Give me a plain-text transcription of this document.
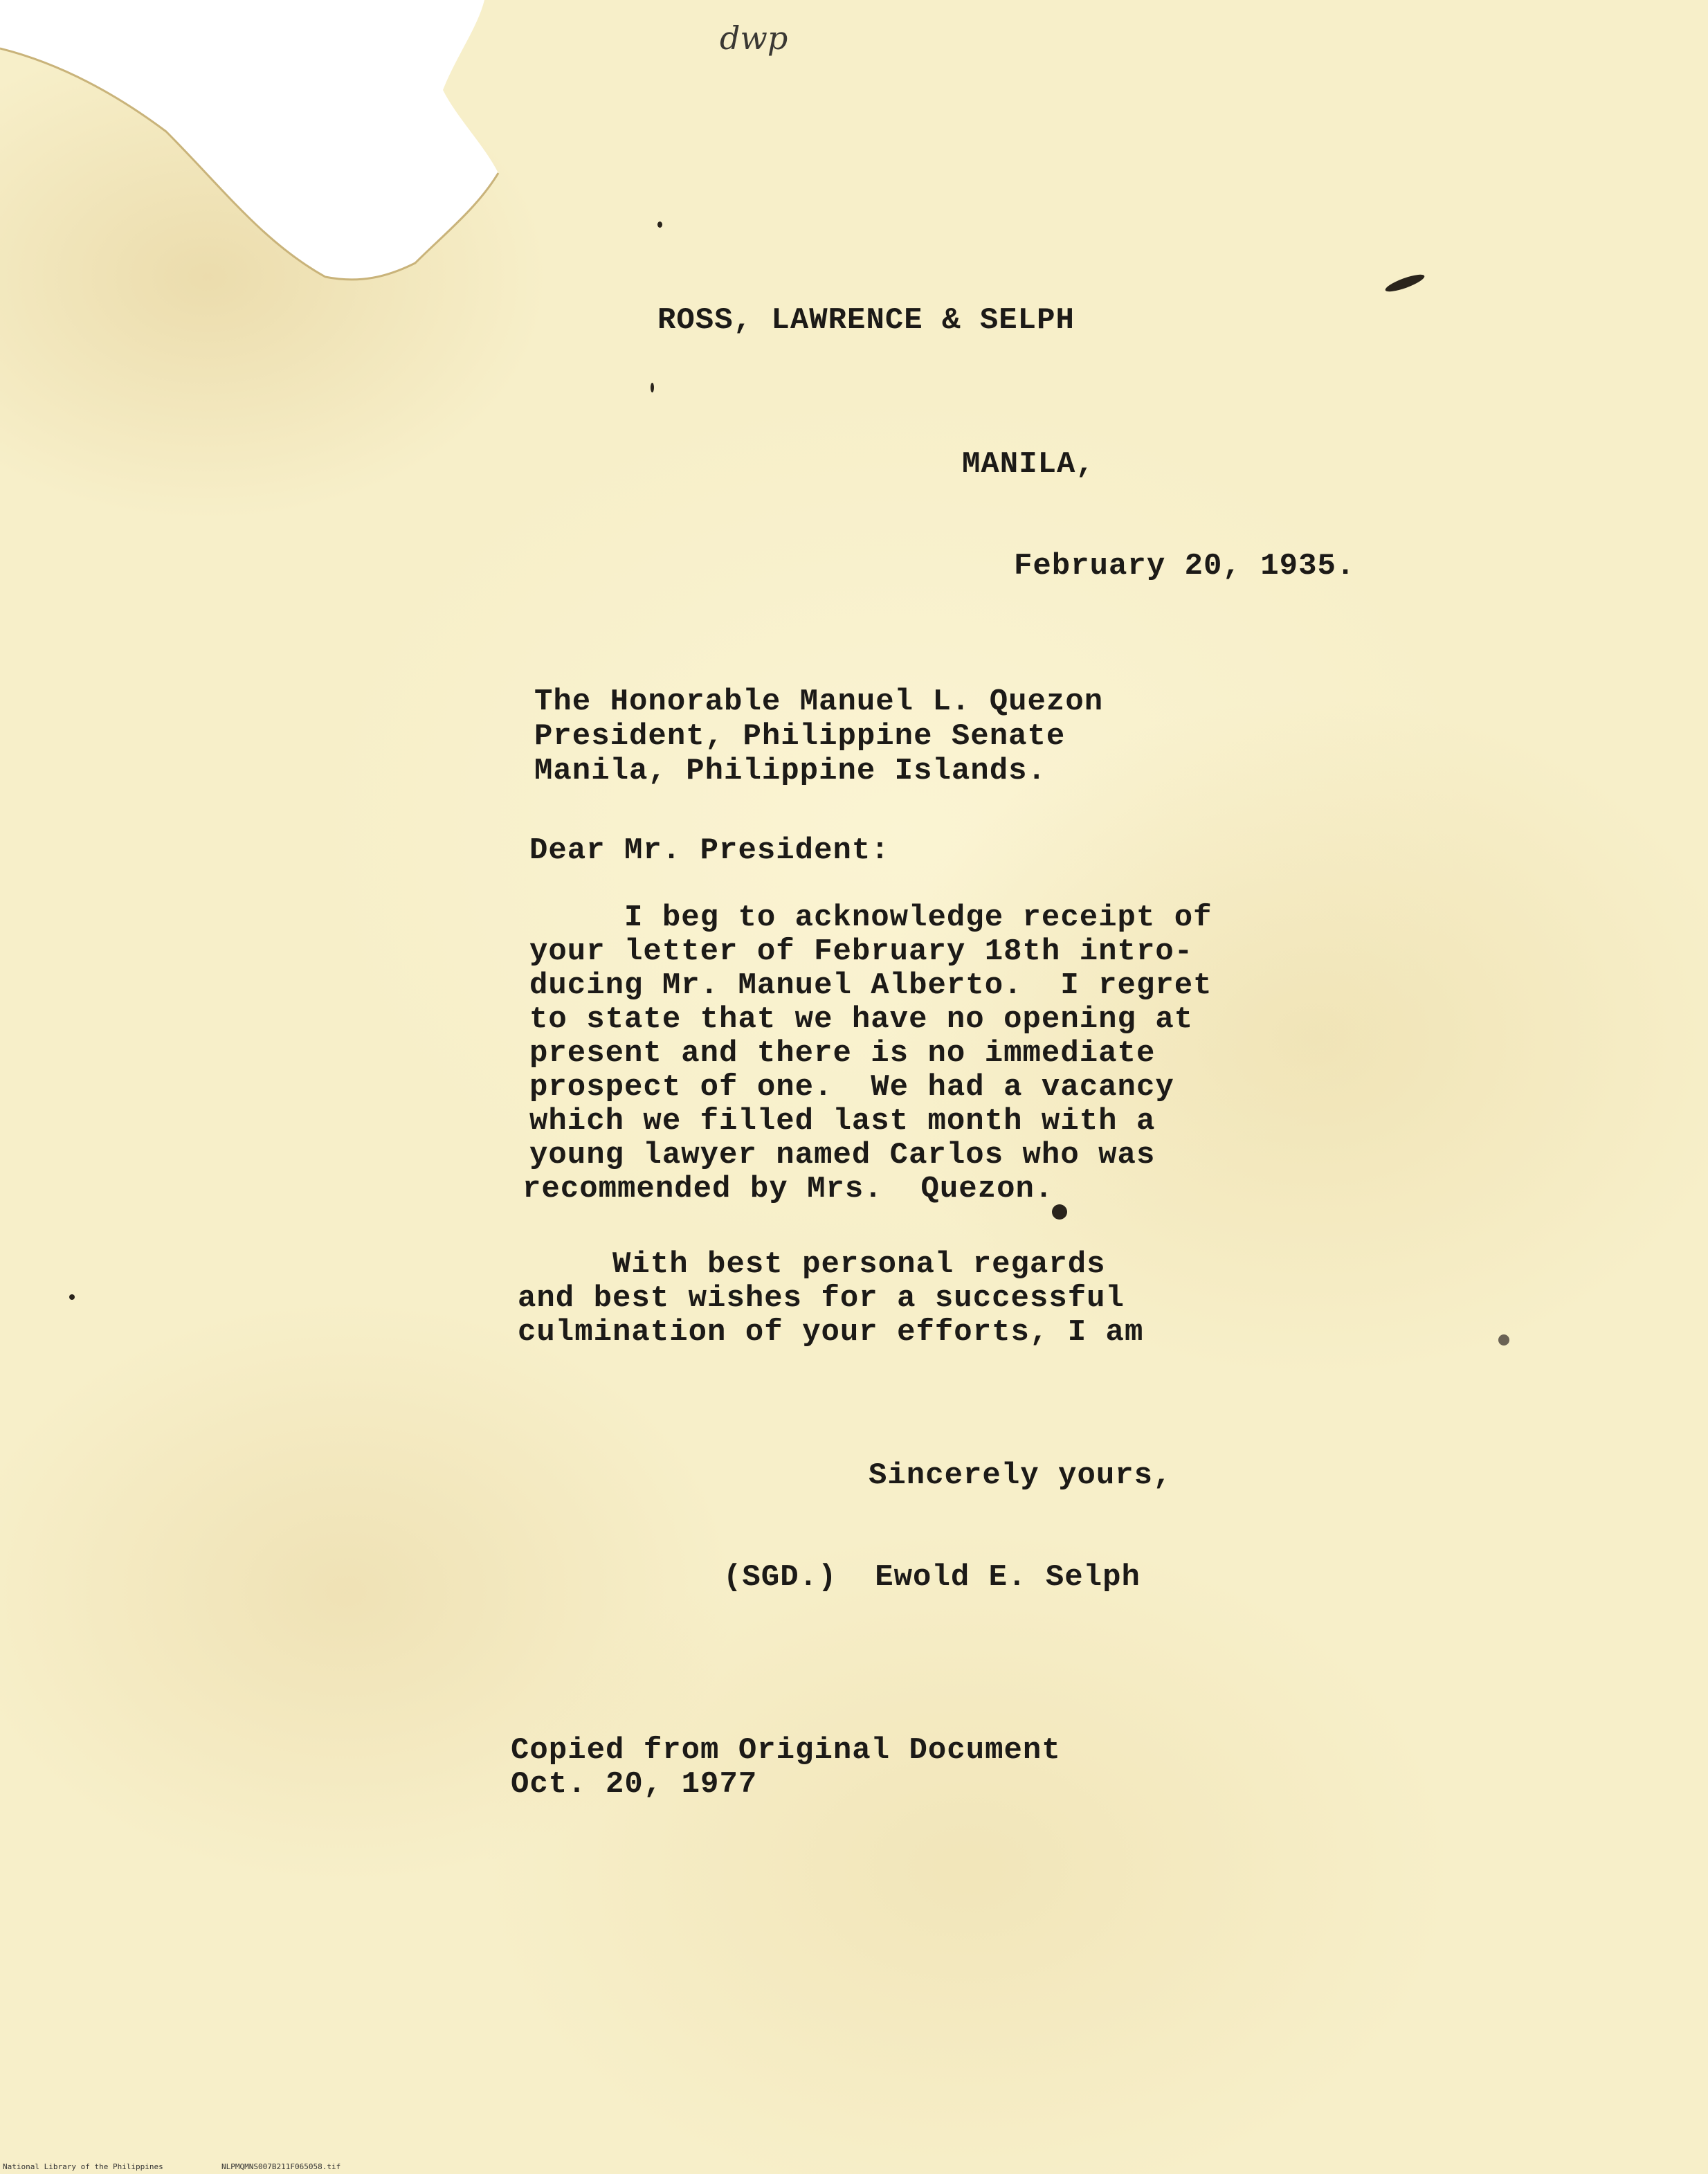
dwp
ROSS, LAWRENCE & SELPH
MANILA,
February 20, 1935.
The Honorable Manuel L. Quezon
President, Philippine Senate
Manila, Philippine Islands.
Dear Mr. President:
I beg to acknowledge receipt of
your letter of February 18th intro-
ducing Mr. Manuel Alberto.  I regret
to state that we have no opening at
present and there is no immediate
prospect of one.  We had a vacancy
which we filled last month with a
young lawyer named Carlos who was
recommended by Mrs.  Quezon.
With best personal regards
and best wishes for a successful
culmination of your efforts, I am
Sincerely yours,
(SGD.)  Ewold E. Selph
Copied from Original Document
Oct. 20, 1977
National Library of the Philippines	NLPMQMNS007B211F065058.tif
